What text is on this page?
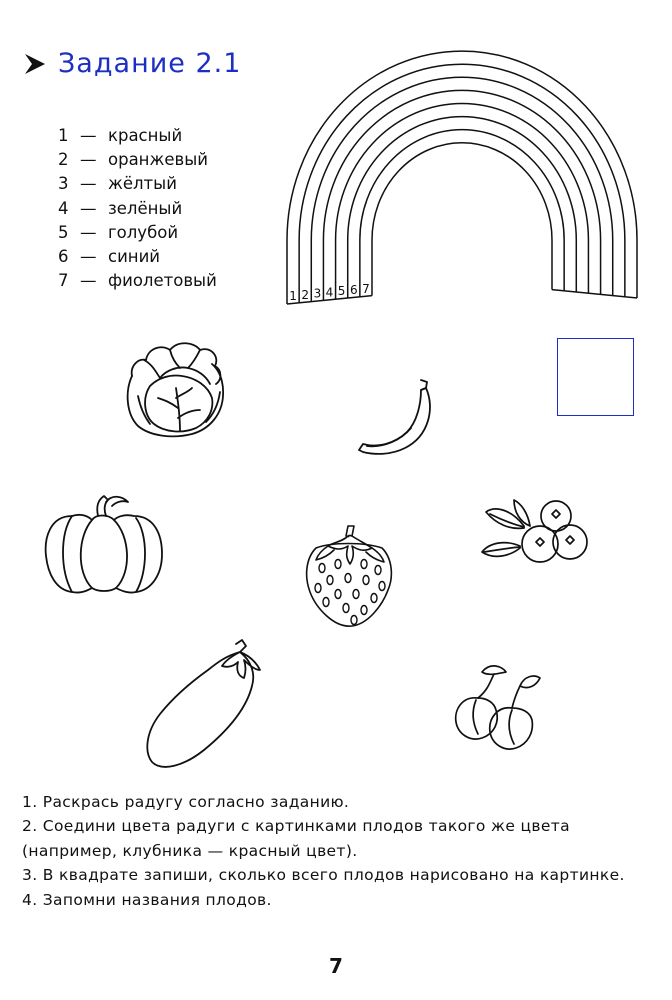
Задание 2.1
1 — красный
2 — оранжевый
3 — жёлтый
4 — зелёный
5 — голубой
6 — синий
7 — фиолетовый
1 2 3 4 5 6 7

1. Раскрась радугу согласно заданию.

2. Соедини цвета радуги с картинками плодов такого же цвета (например, клубника — красный цвет).

3. В квадрате запиши, сколько всего плодов нарисовано на картинке.

4. Запомни названия плодов.

7
